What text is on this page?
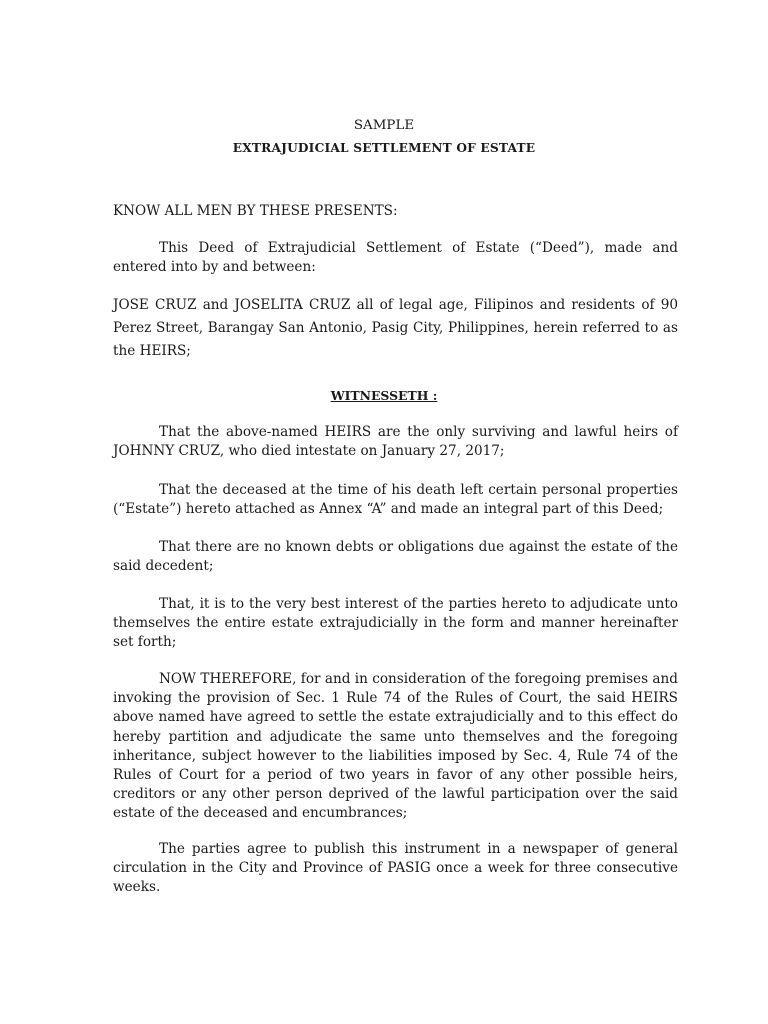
SAMPLE

EXTRAJUDICIAL SETTLEMENT OF ESTATE

KNOW ALL MEN BY THESE PRESENTS:

This Deed of Extrajudicial Settlement of Estate (“Deed”), made and entered into by and between:

JOSE CRUZ and JOSELITA CRUZ all of legal age, Filipinos and residents of 90 Perez Street, Barangay San Antonio, Pasig City, Philippines, herein referred to as the HEIRS;

WITNESSETH :

That the above-named HEIRS are the only surviving and lawful heirs of JOHNNY CRUZ, who died intestate on January 27, 2017;

That the deceased at the time of his death left certain personal properties (“Estate”) hereto attached as Annex “A” and made an integral part of this Deed;

That there are no known debts or obligations due against the estate of the said decedent;

That, it is to the very best interest of the parties hereto to adjudicate unto themselves the entire estate extrajudicially in the form and manner hereinafter set forth;

NOW THEREFORE, for and in consideration of the foregoing premises and invoking the provision of Sec. 1 Rule 74 of the Rules of Court, the said HEIRS above named have agreed to settle the estate extrajudicially and to this effect do hereby partition and adjudicate the same unto themselves and the foregoing inheritance, subject however to the liabilities imposed by Sec. 4, Rule 74 of the Rules of Court for a period of two years in favor of any other possible heirs, creditors or any other person deprived of the lawful participation over the said estate of the deceased and encumbrances;

The parties agree to publish this instrument in a newspaper of general circulation in the City and Province of PASIG once a week for three consecutive weeks.
